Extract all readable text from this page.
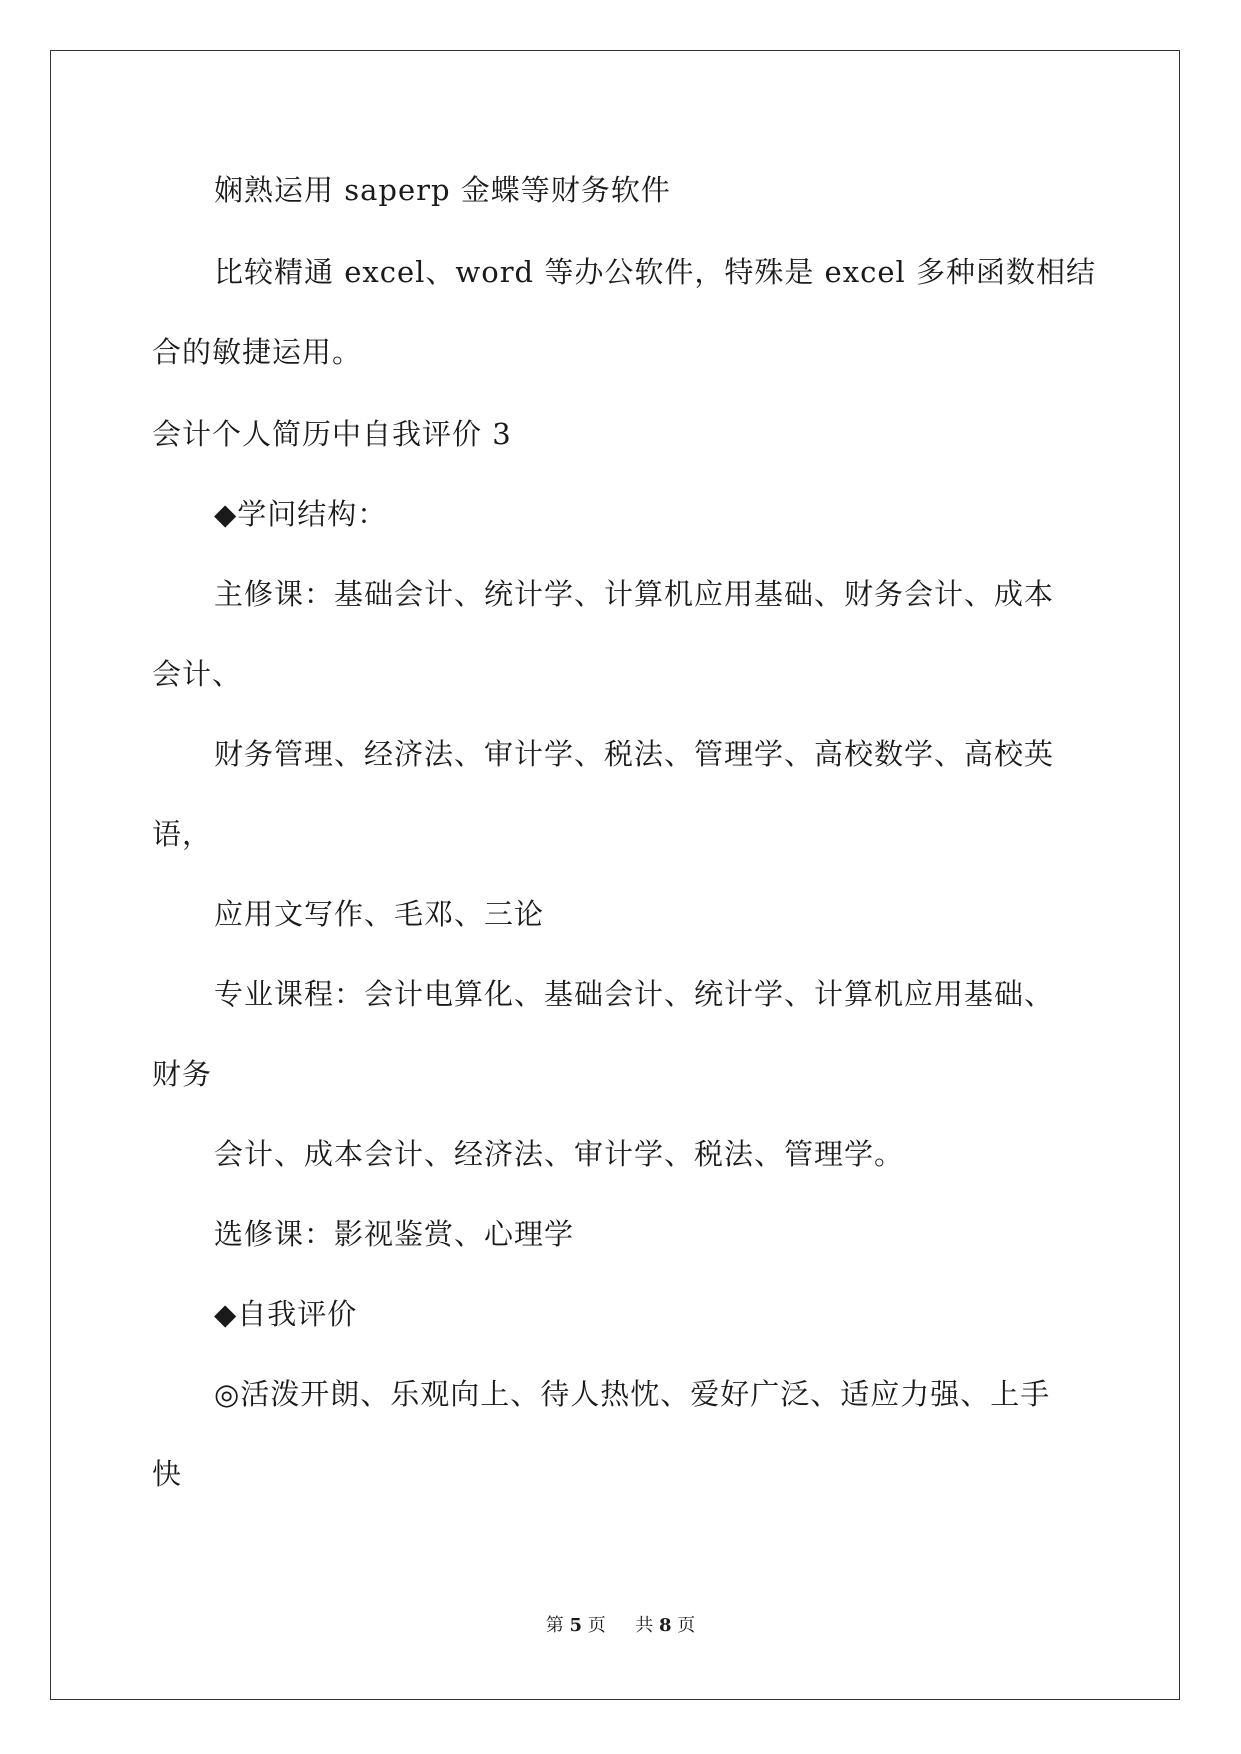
娴熟运用 saperp 金蝶等财务软件

比较精通 excel、word 等办公软件，特殊是 excel 多种函数相结

合的敏捷运用。

会计个人简历中自我评价 3

◆学问结构：

主修课：基础会计、统计学、计算机应用基础、财务会计、成本

会计、

财务管理、经济法、审计学、税法、管理学、高校数学、高校英

语，

应用文写作、毛邓、三论

专业课程：会计电算化、基础会计、统计学、计算机应用基础、

财务

会计、成本会计、经济法、审计学、税法、管理学。

选修课：影视鉴赏、心理学

◆自我评价

◎活泼开朗、乐观向上、待人热忱、爱好广泛、适应力强、上手

快

第 5 页 共 8 页
